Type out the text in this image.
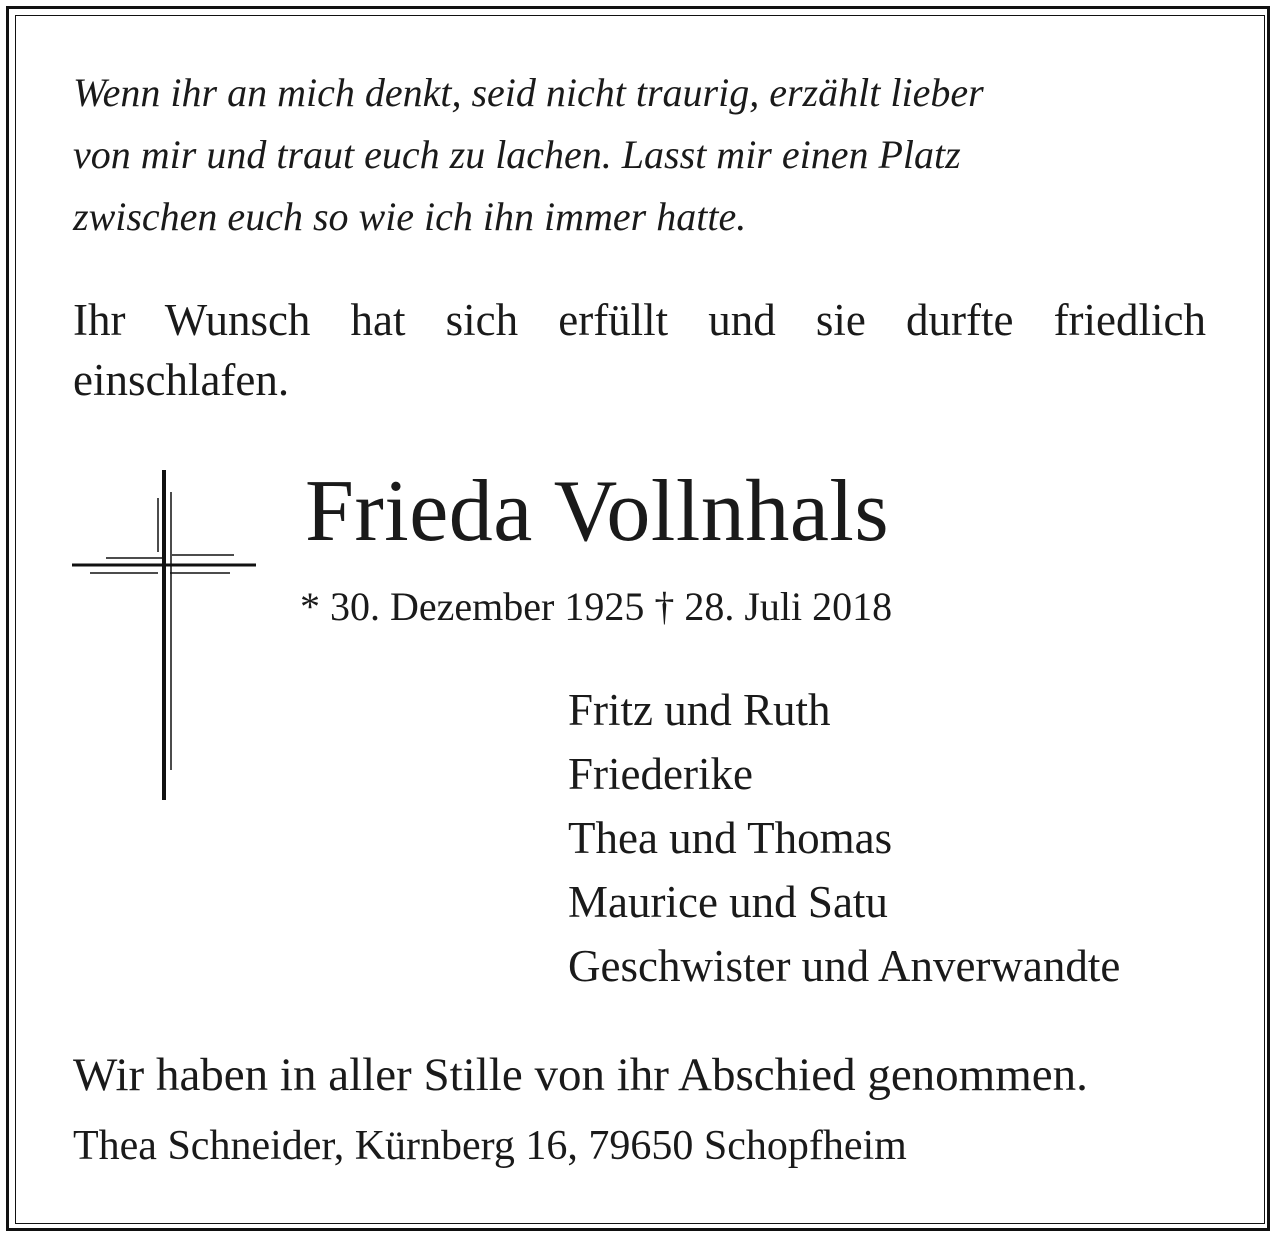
Wenn ihr an mich denkt, seid nicht traurig, erzählt lieber
von mir und traut euch zu lachen. Lasst mir einen Platz
zwischen euch so wie ich ihn immer hatte.
Ihr Wunsch hat sich erfüllt und sie durfte friedlich
einschlafen.
Frieda Vollnhals
* 30. Dezember 1925 † 28. Juli 2018
Fritz und Ruth
Friederike
Thea und Thomas
Maurice und Satu
Geschwister und Anverwandte
Wir haben in aller Stille von ihr Abschied genommen.
Thea Schneider, Kürnberg 16, 79650 Schopfheim
